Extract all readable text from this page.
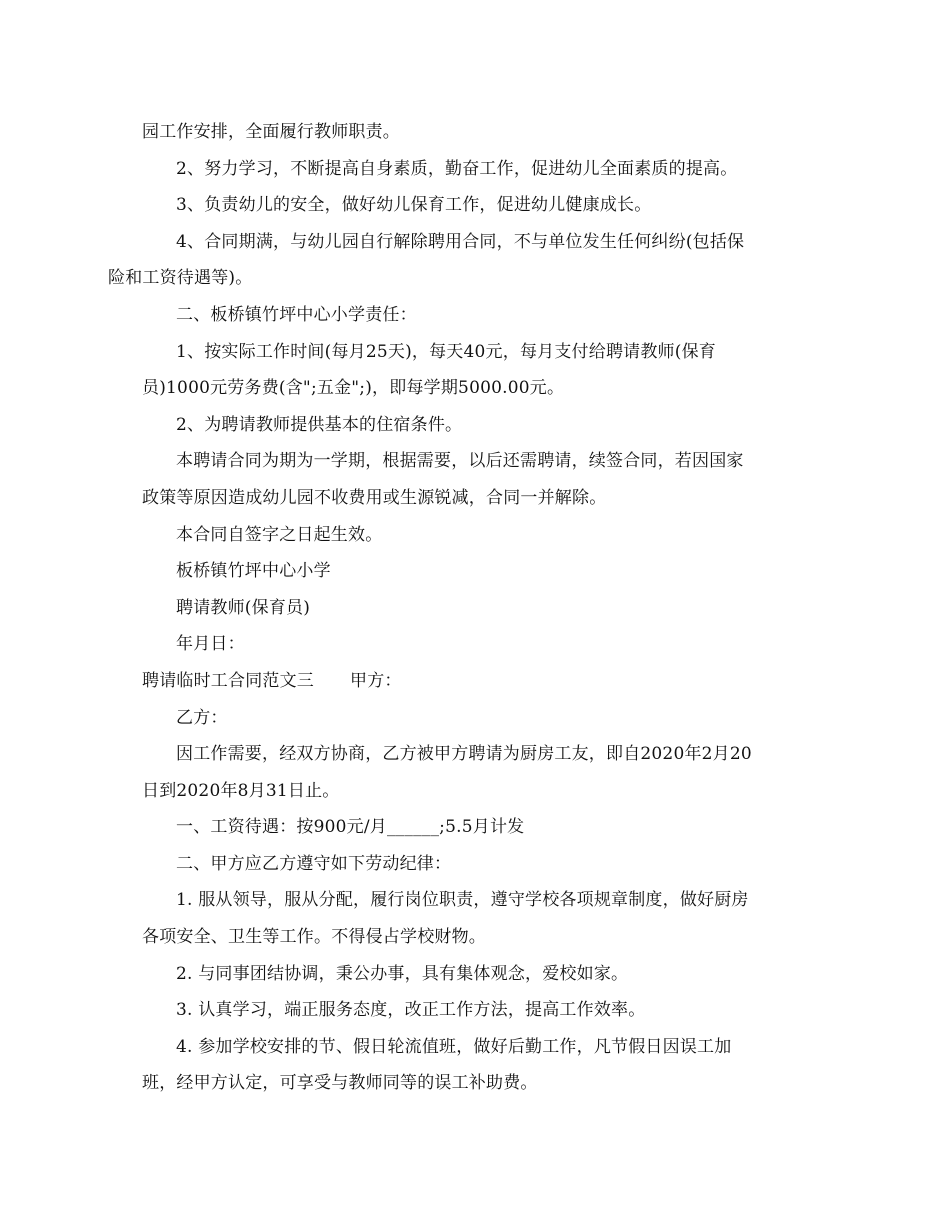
园工作安排，全面履行教师职责。

2、努力学习，不断提高自身素质，勤奋工作，促进幼儿全面素质的提高。

3、负责幼儿的安全，做好幼儿保育工作，促进幼儿健康成长。

4、合同期满，与幼儿园自行解除聘用合同，不与单位发生任何纠纷(包括保
险和工资待遇等)。

二、板桥镇竹坪中心小学责任：

1、按实际工作时间(每月25天)，每天40元，每月支付给聘请教师(保育
员)1000元劳务费(含";五金";)，即每学期5000.00元。

2、为聘请教师提供基本的住宿条件。

本聘请合同为期为一学期，根据需要，以后还需聘请，续签合同，若因国家
政策等原因造成幼儿园不收费用或生源锐减，合同一并解除。

本合同自签字之日起生效。

板桥镇竹坪中心小学

聘请教师(保育员)

年月日：

聘请临时工合同范文三 甲方：

乙方：

因工作需要，经双方协商，乙方被甲方聘请为厨房工友，即自2020年2月20
日到2020年8月31日止。

一、工资待遇：按900元/月______;5.5月计发

二、甲方应乙方遵守如下劳动纪律：

1. 服从领导，服从分配，履行岗位职责，遵守学校各项规章制度，做好厨房
各项安全、卫生等工作。不得侵占学校财物。

2. 与同事团结协调，秉公办事，具有集体观念，爱校如家。

3. 认真学习，端正服务态度，改正工作方法，提高工作效率。

4. 参加学校安排的节、假日轮流值班，做好后勤工作，凡节假日因误工加
班，经甲方认定，可享受与教师同等的误工补助费。
